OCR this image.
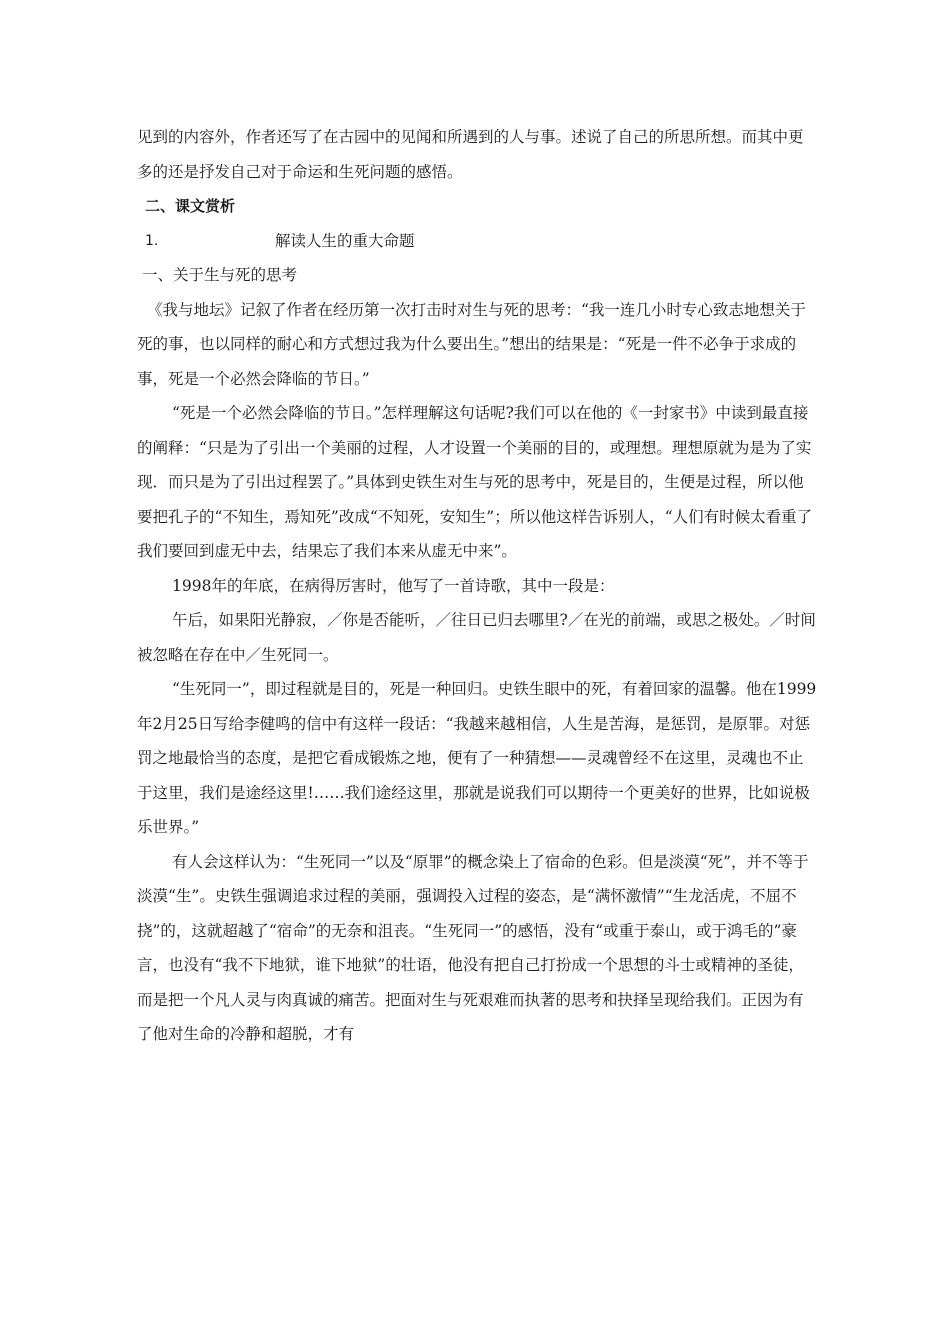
见到的内容外，作者还写了在古园中的见闻和所遇到的人与事。述说了自己的所思所想。而其中更多的还是抒发自己对于命运和生死问题的感悟。

二、课文赏析

1.	解读人生的重大命题

一、关于生与死的思考

《我与地坛》记叙了作者在经历第一次打击时对生与死的思考：“我一连几小时专心致志地想关于死的事，也以同样的耐心和方式想过我为什么要出生。”想出的结果是：“死是一件不必争于求成的事，死是一个必然会降临的节日。”

“死是一个必然会降临的节日。”怎样理解这句话呢?我们可以在他的《一封家书》中读到最直接的阐释：“只是为了引出一个美丽的过程，人才设置一个美丽的目的，或理想。理想原就为是为了实现．而只是为了引出过程罢了。”具体到史铁生对生与死的思考中，死是目的，生便是过程，所以他要把孔子的“不知生，焉知死”改成“不知死，安知生”；所以他这样告诉别人，“人们有时候太看重了我们要回到虚无中去，结果忘了我们本来从虚无中来”。

1998年的年底，在病得厉害时，他写了一首诗歌，其中一段是：

午后，如果阳光静寂，／你是否能听，／往日已归去哪里?／在光的前端，或思之极处。／时间被忽略在存在中／生死同一。

“生死同一”，即过程就是目的，死是一种回归。史铁生眼中的死，有着回家的温馨。他在1999年2月25日写给李健鸣的信中有这样一段话：“我越来越相信，人生是苦海，是惩罚，是原罪。对惩罚之地最恰当的态度，是把它看成锻炼之地，便有了一种猜想——灵魂曾经不在这里，灵魂也不止于这里，我们是途经这里!……我们途经这里，那就是说我们可以期待一个更美好的世界，比如说极乐世界。”

有人会这样认为：“生死同一”以及“原罪”的概念染上了宿命的色彩。但是淡漠“死”，并不等于淡漠“生”。史铁生强调追求过程的美丽，强调投入过程的姿态，是“满怀激情”“生龙活虎，不屈不挠”的，这就超越了“宿命”的无奈和沮丧。“生死同一”的感悟，没有“或重于泰山，或于鸿毛的”豪言，也没有“我不下地狱，谁下地狱”的壮语，他没有把自己打扮成一个思想的斗士或精神的圣徒，而是把一个凡人灵与肉真诚的痛苦。把面对生与死艰难而执著的思考和抉择呈现给我们。正因为有了他对生命的冷静和超脱，才有
